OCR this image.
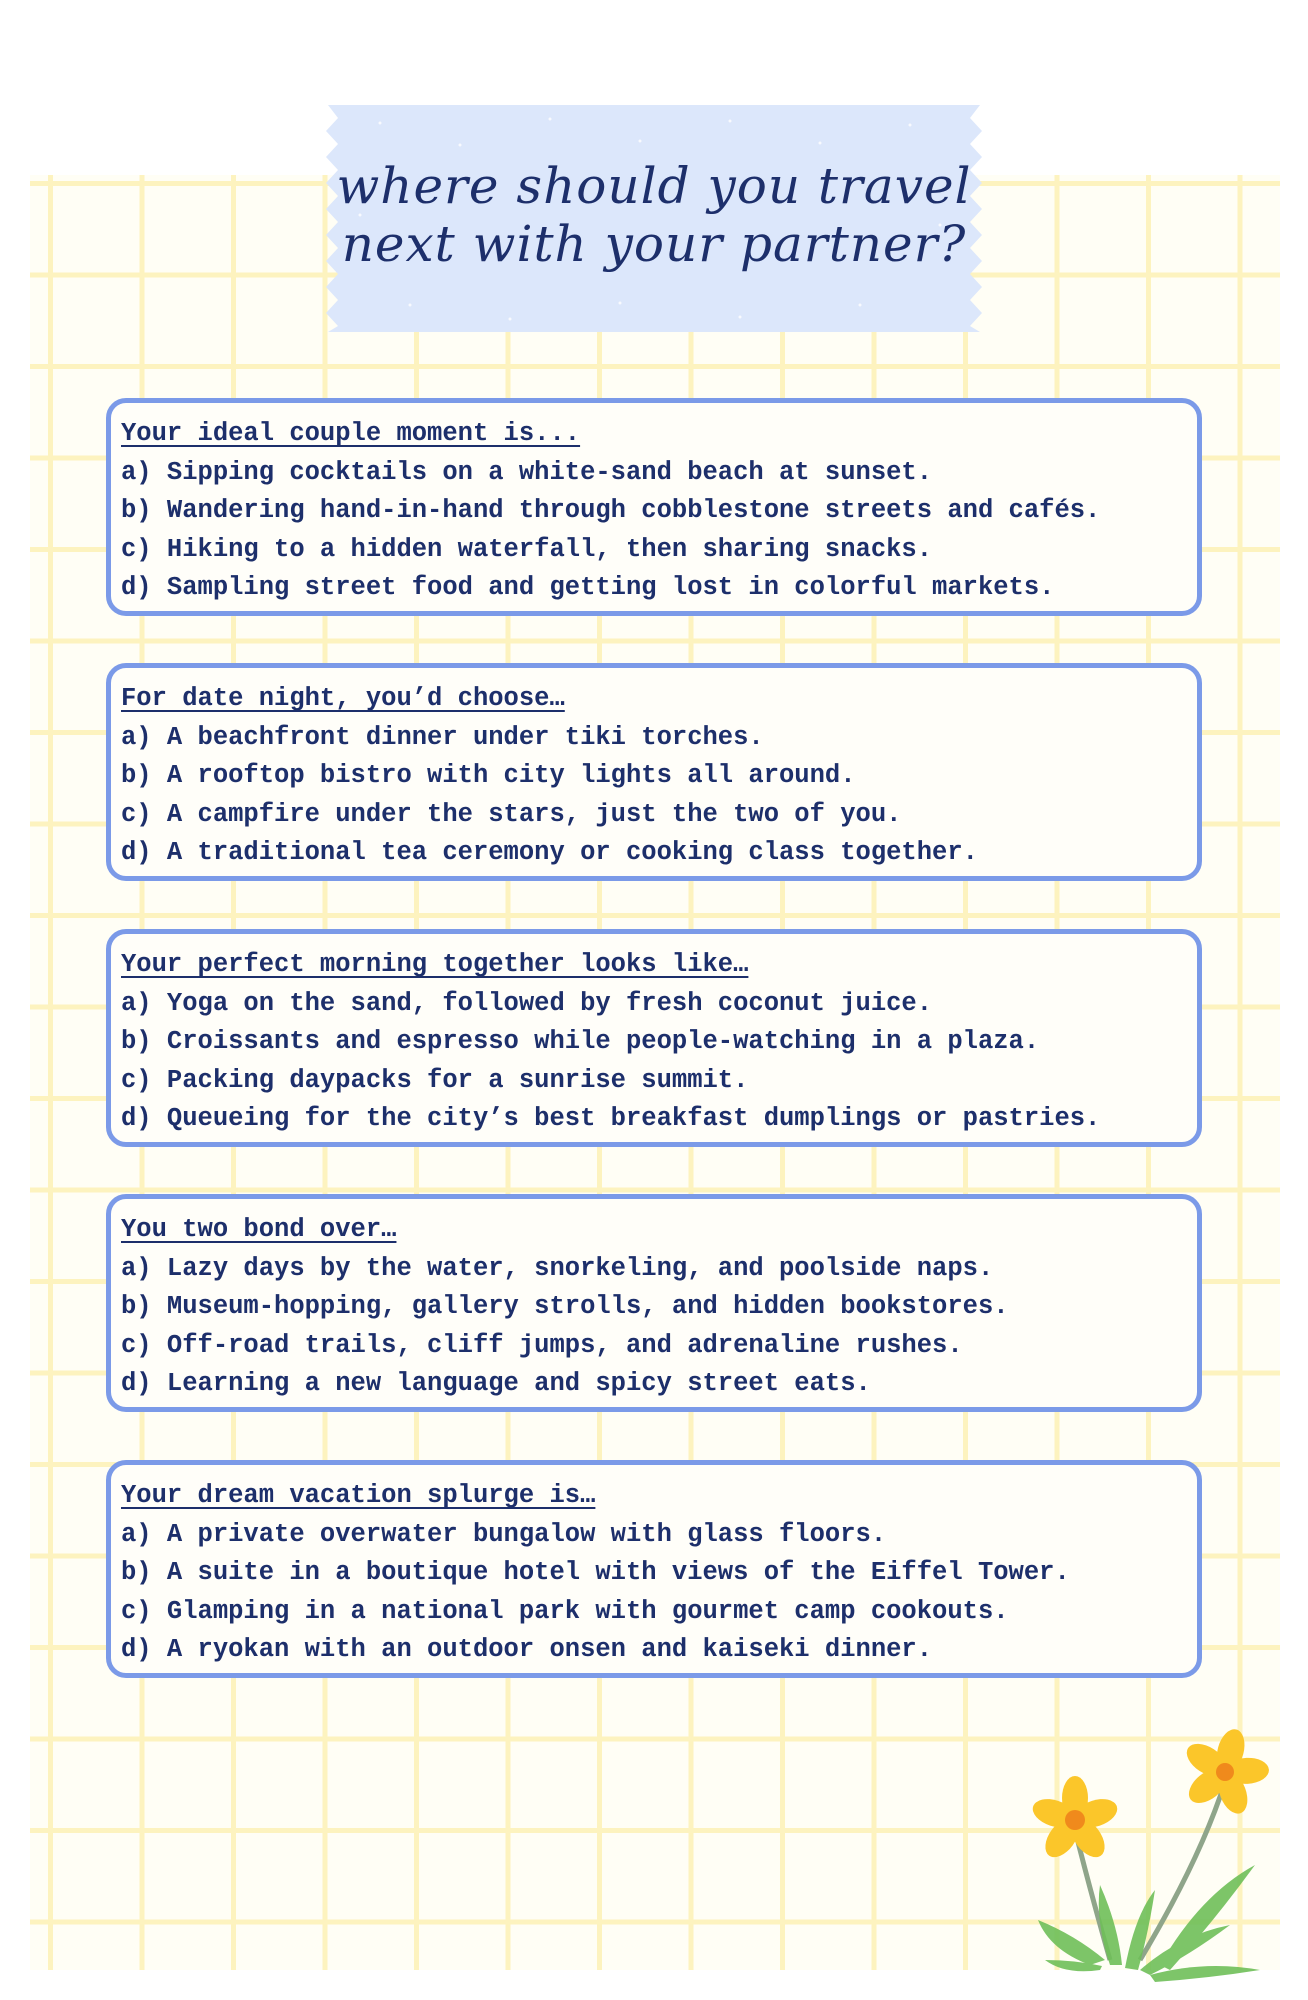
where should you travel
next with your partner?
Your ideal couple moment is...
a) Sipping cocktails on a white-sand beach at sunset.
b) Wandering hand-in-hand through cobblestone streets and cafés.
c) Hiking to a hidden waterfall, then sharing snacks.
d) Sampling street food and getting lost in colorful markets.
For date night, you’d choose…
a) A beachfront dinner under tiki torches.
b) A rooftop bistro with city lights all around.
c) A campfire under the stars, just the two of you.
d) A traditional tea ceremony or cooking class together.
Your perfect morning together looks like…
a) Yoga on the sand, followed by fresh coconut juice.
b) Croissants and espresso while people-watching in a plaza.
c) Packing daypacks for a sunrise summit.
d) Queueing for the city’s best breakfast dumplings or pastries.
You two bond over…
a) Lazy days by the water, snorkeling, and poolside naps.
b) Museum-hopping, gallery strolls, and hidden bookstores.
c) Off-road trails, cliff jumps, and adrenaline rushes.
d) Learning a new language and spicy street eats.
Your dream vacation splurge is…
a) A private overwater bungalow with glass floors.
b) A suite in a boutique hotel with views of the Eiffel Tower.
c) Glamping in a national park with gourmet camp cookouts.
d) A ryokan with an outdoor onsen and kaiseki dinner.
